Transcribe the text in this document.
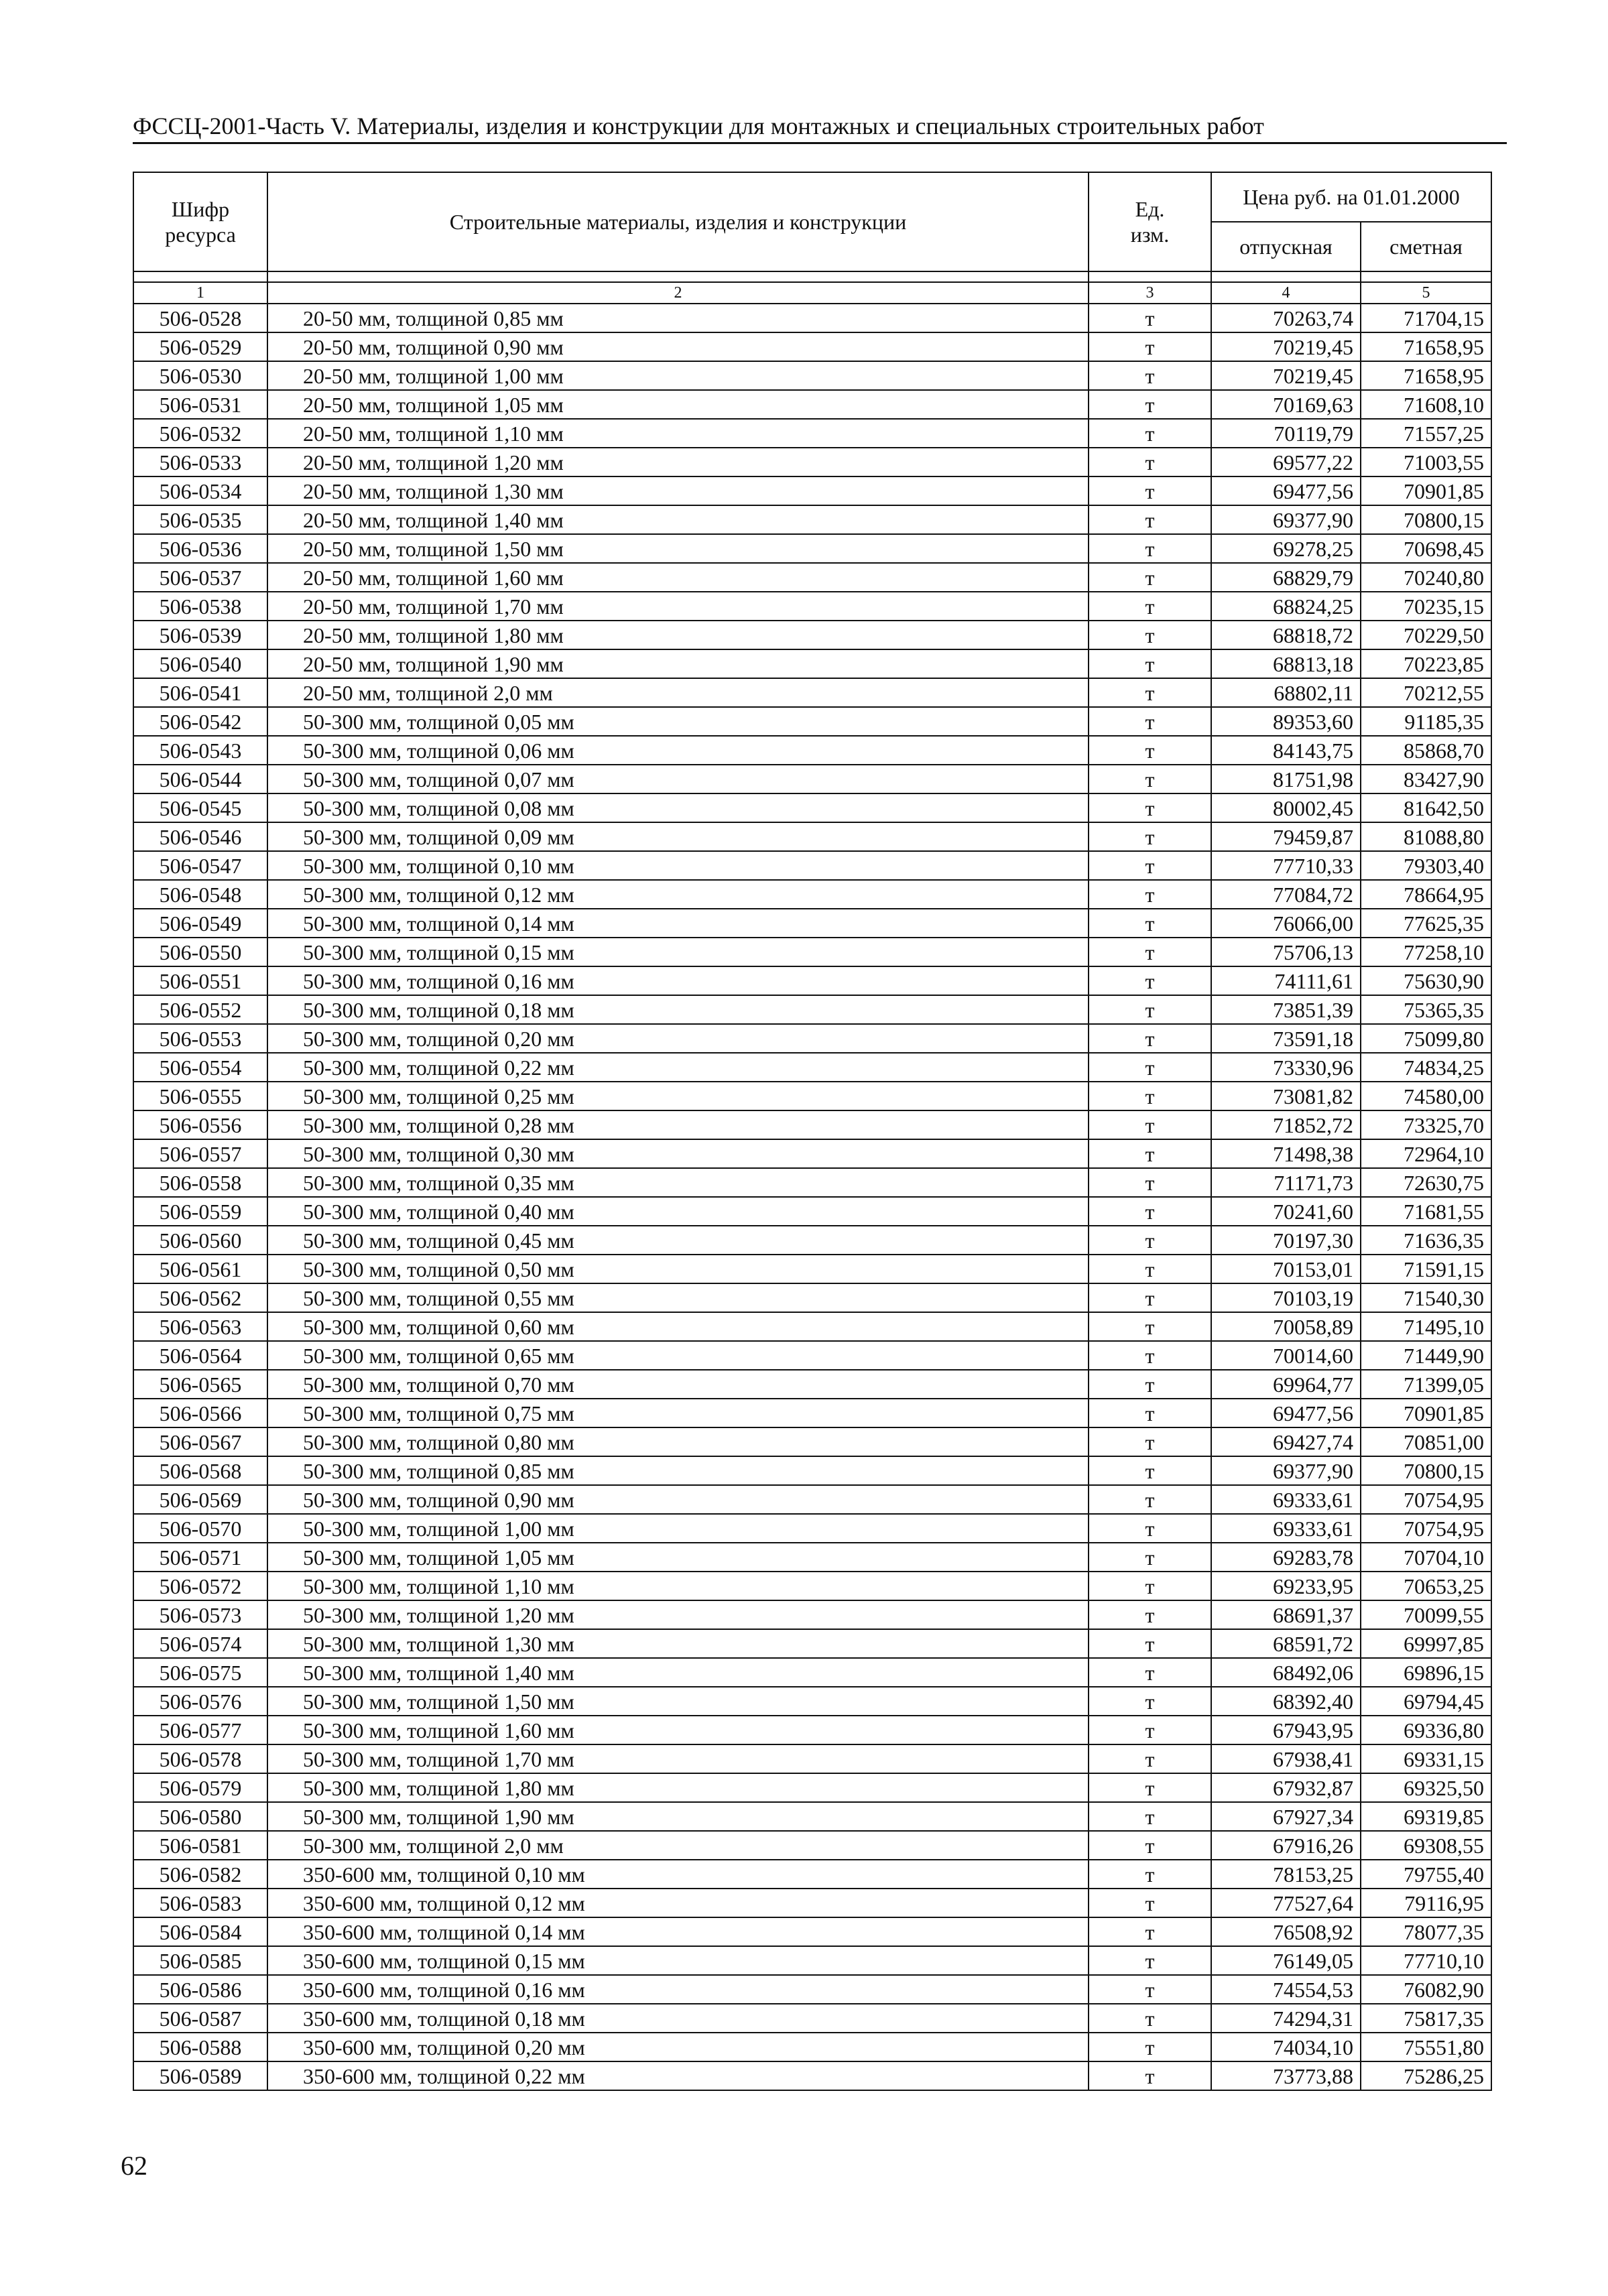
ФССЦ-2001-Часть V. Материалы, изделия и конструкции для монтажных и специальных строительных работ
Шифр ресурса	Строительные материалы, изделия и конструкции	Ед. изм.	Цена руб. на 01.01.2000	
			отпускная	сметная

1	2	3	4	5
506-0528	20-50 мм, толщиной 0,85 мм	т	70263,74	71704,15
506-0529	20-50 мм, толщиной 0,90 мм	т	70219,45	71658,95
506-0530	20-50 мм, толщиной 1,00 мм	т	70219,45	71658,95
506-0531	20-50 мм, толщиной 1,05 мм	т	70169,63	71608,10
506-0532	20-50 мм, толщиной 1,10 мм	т	70119,79	71557,25
506-0533	20-50 мм, толщиной 1,20 мм	т	69577,22	71003,55
506-0534	20-50 мм, толщиной 1,30 мм	т	69477,56	70901,85
506-0535	20-50 мм, толщиной 1,40 мм	т	69377,90	70800,15
506-0536	20-50 мм, толщиной 1,50 мм	т	69278,25	70698,45
506-0537	20-50 мм, толщиной 1,60 мм	т	68829,79	70240,80
506-0538	20-50 мм, толщиной 1,70 мм	т	68824,25	70235,15
506-0539	20-50 мм, толщиной 1,80 мм	т	68818,72	70229,50
506-0540	20-50 мм, толщиной 1,90 мм	т	68813,18	70223,85
506-0541	20-50 мм, толщиной 2,0 мм	т	68802,11	70212,55
506-0542	50-300 мм, толщиной 0,05 мм	т	89353,60	91185,35
506-0543	50-300 мм, толщиной 0,06 мм	т	84143,75	85868,70
506-0544	50-300 мм, толщиной 0,07 мм	т	81751,98	83427,90
506-0545	50-300 мм, толщиной 0,08 мм	т	80002,45	81642,50
506-0546	50-300 мм, толщиной 0,09 мм	т	79459,87	81088,80
506-0547	50-300 мм, толщиной 0,10 мм	т	77710,33	79303,40
506-0548	50-300 мм, толщиной 0,12 мм	т	77084,72	78664,95
506-0549	50-300 мм, толщиной 0,14 мм	т	76066,00	77625,35
506-0550	50-300 мм, толщиной 0,15 мм	т	75706,13	77258,10
506-0551	50-300 мм, толщиной 0,16 мм	т	74111,61	75630,90
506-0552	50-300 мм, толщиной 0,18 мм	т	73851,39	75365,35
506-0553	50-300 мм, толщиной 0,20 мм	т	73591,18	75099,80
506-0554	50-300 мм, толщиной 0,22 мм	т	73330,96	74834,25
506-0555	50-300 мм, толщиной 0,25 мм	т	73081,82	74580,00
506-0556	50-300 мм, толщиной 0,28 мм	т	71852,72	73325,70
506-0557	50-300 мм, толщиной 0,30 мм	т	71498,38	72964,10
506-0558	50-300 мм, толщиной 0,35 мм	т	71171,73	72630,75
506-0559	50-300 мм, толщиной 0,40 мм	т	70241,60	71681,55
506-0560	50-300 мм, толщиной 0,45 мм	т	70197,30	71636,35
506-0561	50-300 мм, толщиной 0,50 мм	т	70153,01	71591,15
506-0562	50-300 мм, толщиной 0,55 мм	т	70103,19	71540,30
506-0563	50-300 мм, толщиной 0,60 мм	т	70058,89	71495,10
506-0564	50-300 мм, толщиной 0,65 мм	т	70014,60	71449,90
506-0565	50-300 мм, толщиной 0,70 мм	т	69964,77	71399,05
506-0566	50-300 мм, толщиной 0,75 мм	т	69477,56	70901,85
506-0567	50-300 мм, толщиной 0,80 мм	т	69427,74	70851,00
506-0568	50-300 мм, толщиной 0,85 мм	т	69377,90	70800,15
506-0569	50-300 мм, толщиной 0,90 мм	т	69333,61	70754,95
506-0570	50-300 мм, толщиной 1,00 мм	т	69333,61	70754,95
506-0571	50-300 мм, толщиной 1,05 мм	т	69283,78	70704,10
506-0572	50-300 мм, толщиной 1,10 мм	т	69233,95	70653,25
506-0573	50-300 мм, толщиной 1,20 мм	т	68691,37	70099,55
506-0574	50-300 мм, толщиной 1,30 мм	т	68591,72	69997,85
506-0575	50-300 мм, толщиной 1,40 мм	т	68492,06	69896,15
506-0576	50-300 мм, толщиной 1,50 мм	т	68392,40	69794,45
506-0577	50-300 мм, толщиной 1,60 мм	т	67943,95	69336,80
506-0578	50-300 мм, толщиной 1,70 мм	т	67938,41	69331,15
506-0579	50-300 мм, толщиной 1,80 мм	т	67932,87	69325,50
506-0580	50-300 мм, толщиной 1,90 мм	т	67927,34	69319,85
506-0581	50-300 мм, толщиной 2,0 мм	т	67916,26	69308,55
506-0582	350-600 мм, толщиной 0,10 мм	т	78153,25	79755,40
506-0583	350-600 мм, толщиной 0,12 мм	т	77527,64	79116,95
506-0584	350-600 мм, толщиной 0,14 мм	т	76508,92	78077,35
506-0585	350-600 мм, толщиной 0,15 мм	т	76149,05	77710,10
506-0586	350-600 мм, толщиной 0,16 мм	т	74554,53	76082,90
506-0587	350-600 мм, толщиной 0,18 мм	т	74294,31	75817,35
506-0588	350-600 мм, толщиной 0,20 мм	т	74034,10	75551,80
506-0589	350-600 мм, толщиной 0,22 мм	т	73773,88	75286,25
62
